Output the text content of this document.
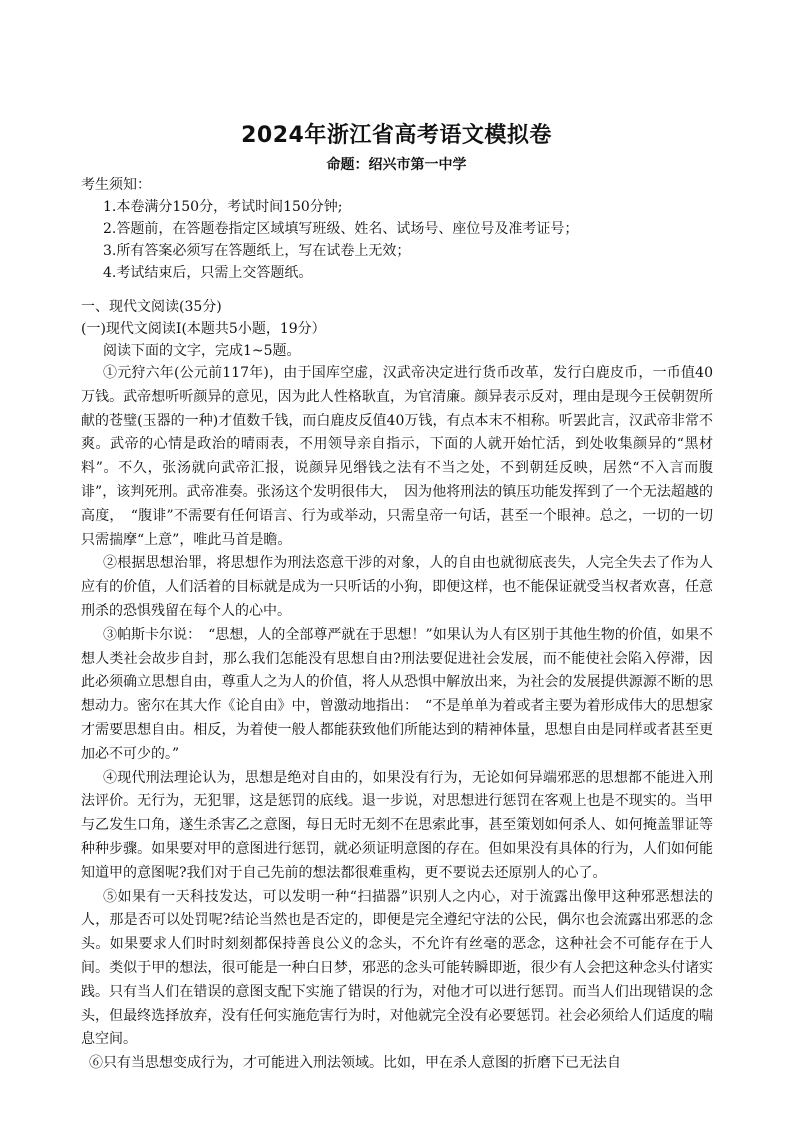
2024年浙江省高考语文模拟卷
命题：绍兴市第一中学
考生须知：
1.本卷满分150分，考试时间150分钟;
2.答题前，在答题卷指定区域填写班级、姓名、试场号、座位号及准考证号；
3.所有答案必须写在答题纸上，写在试卷上无效；
4.考试结束后，只需上交答题纸。
一、现代文阅读(35分)
(一)现代文阅读Ⅰ(本题共5小题，19分）
阅读下面的文字，完成1~5题。

①元狩六年(公元前117年)，由于国库空虚，汉武帝决定进行货币改革，发行白鹿皮币，一币值40万钱。武帝想听听颜异的意见，因为此人性格耿直，为官清廉。颜异表示反对，理由是现今王侯朝贺所献的苍璧(玉器的一种)才值数千钱，而白鹿皮反值40万钱，有点本末不相称。听罢此言，汉武帝非常不爽。武帝的心情是政治的晴雨表，不用领导亲自指示，下面的人就开始忙活，到处收集颜异的“黑材料”。不久，张汤就向武帝汇报，说颜异见缗钱之法有不当之处，不到朝廷反映，居然“不入言而腹诽”，该判死刑。武帝准奏。张汤这个发明很伟大，　因为他将刑法的镇压功能发挥到了一个无法超越的高度，　“腹诽”不需要有任何语言、行为或举动，只需皇帝一句话，甚至一个眼神。总之，一切的一切只需揣摩“上意”，唯此马首是瞻。

②根据思想治罪，将思想作为刑法恣意干涉的对象，人的自由也就彻底丧失，人完全失去了作为人应有的价值，人们活着的目标就是成为一只听话的小狗，即便这样，也不能保证就受当权者欢喜，任意刑杀的恐惧残留在每个人的心中。

③帕斯卡尔说：　“思想，人的全部尊严就在于思想！”如果认为人有区别于其他生物的价值，如果不想人类社会故步自封，那么我们怎能没有思想自由?刑法要促进社会发展，而不能使社会陷入停滞，因此必须确立思想自由，尊重人之为人的价值，将人从恐惧中解放出来，为社会的发展提供源源不断的思想动力。密尔在其大作《论自由》中，曾激动地指出：　“不是单单为着或者主要为着形成伟大的思想家才需要思想自由。相反，为着使一般人都能获致他们所能达到的精神体量，思想自由是同样或者甚至更加必不可少的。”

④现代刑法理论认为，思想是绝对自由的，如果没有行为，无论如何异端邪恶的思想都不能进入刑法评价。无行为，无犯罪，这是惩罚的底线。退一步说，对思想进行惩罚在客观上也是不现实的。当甲与乙发生口角，遂生杀害乙之意图，每日无时无刻不在思索此事，甚至策划如何杀人、如何掩盖罪证等种种步骤。如果要对甲的意图进行惩罚，就必须证明意图的存在。但如果没有具体的行为，人们如何能知道甲的意图呢?我们对于自己先前的想法都很难重构，更不要说去还原别人的心了。

⑤如果有一天科技发达，可以发明一种“扫描器”识别人之内心，对于流露出像甲这种邪恶想法的人，那是否可以处罚呢?结论当然也是否定的，即便是完全遵纪守法的公民，偶尔也会流露出邪恶的念头。如果要求人们时时刻刻都保持善良公义的念头，不允许有丝毫的恶念，这种社会不可能存在于人间。类似于甲的想法，很可能是一种白日梦，邪恶的念头可能转瞬即逝，很少有人会把这种念头付诸实践。只有当人们在错误的意图支配下实施了错误的行为，对他才可以进行惩罚。而当人们出现错误的念头，但最终选择放弃，没有任何实施危害行为时，对他就完全没有必要惩罚。社会必须给人们适度的喘息空间。

⑥只有当思想变成行为，才可能进入刑法领域。比如，甲在杀人意图的折磨下已无法自
